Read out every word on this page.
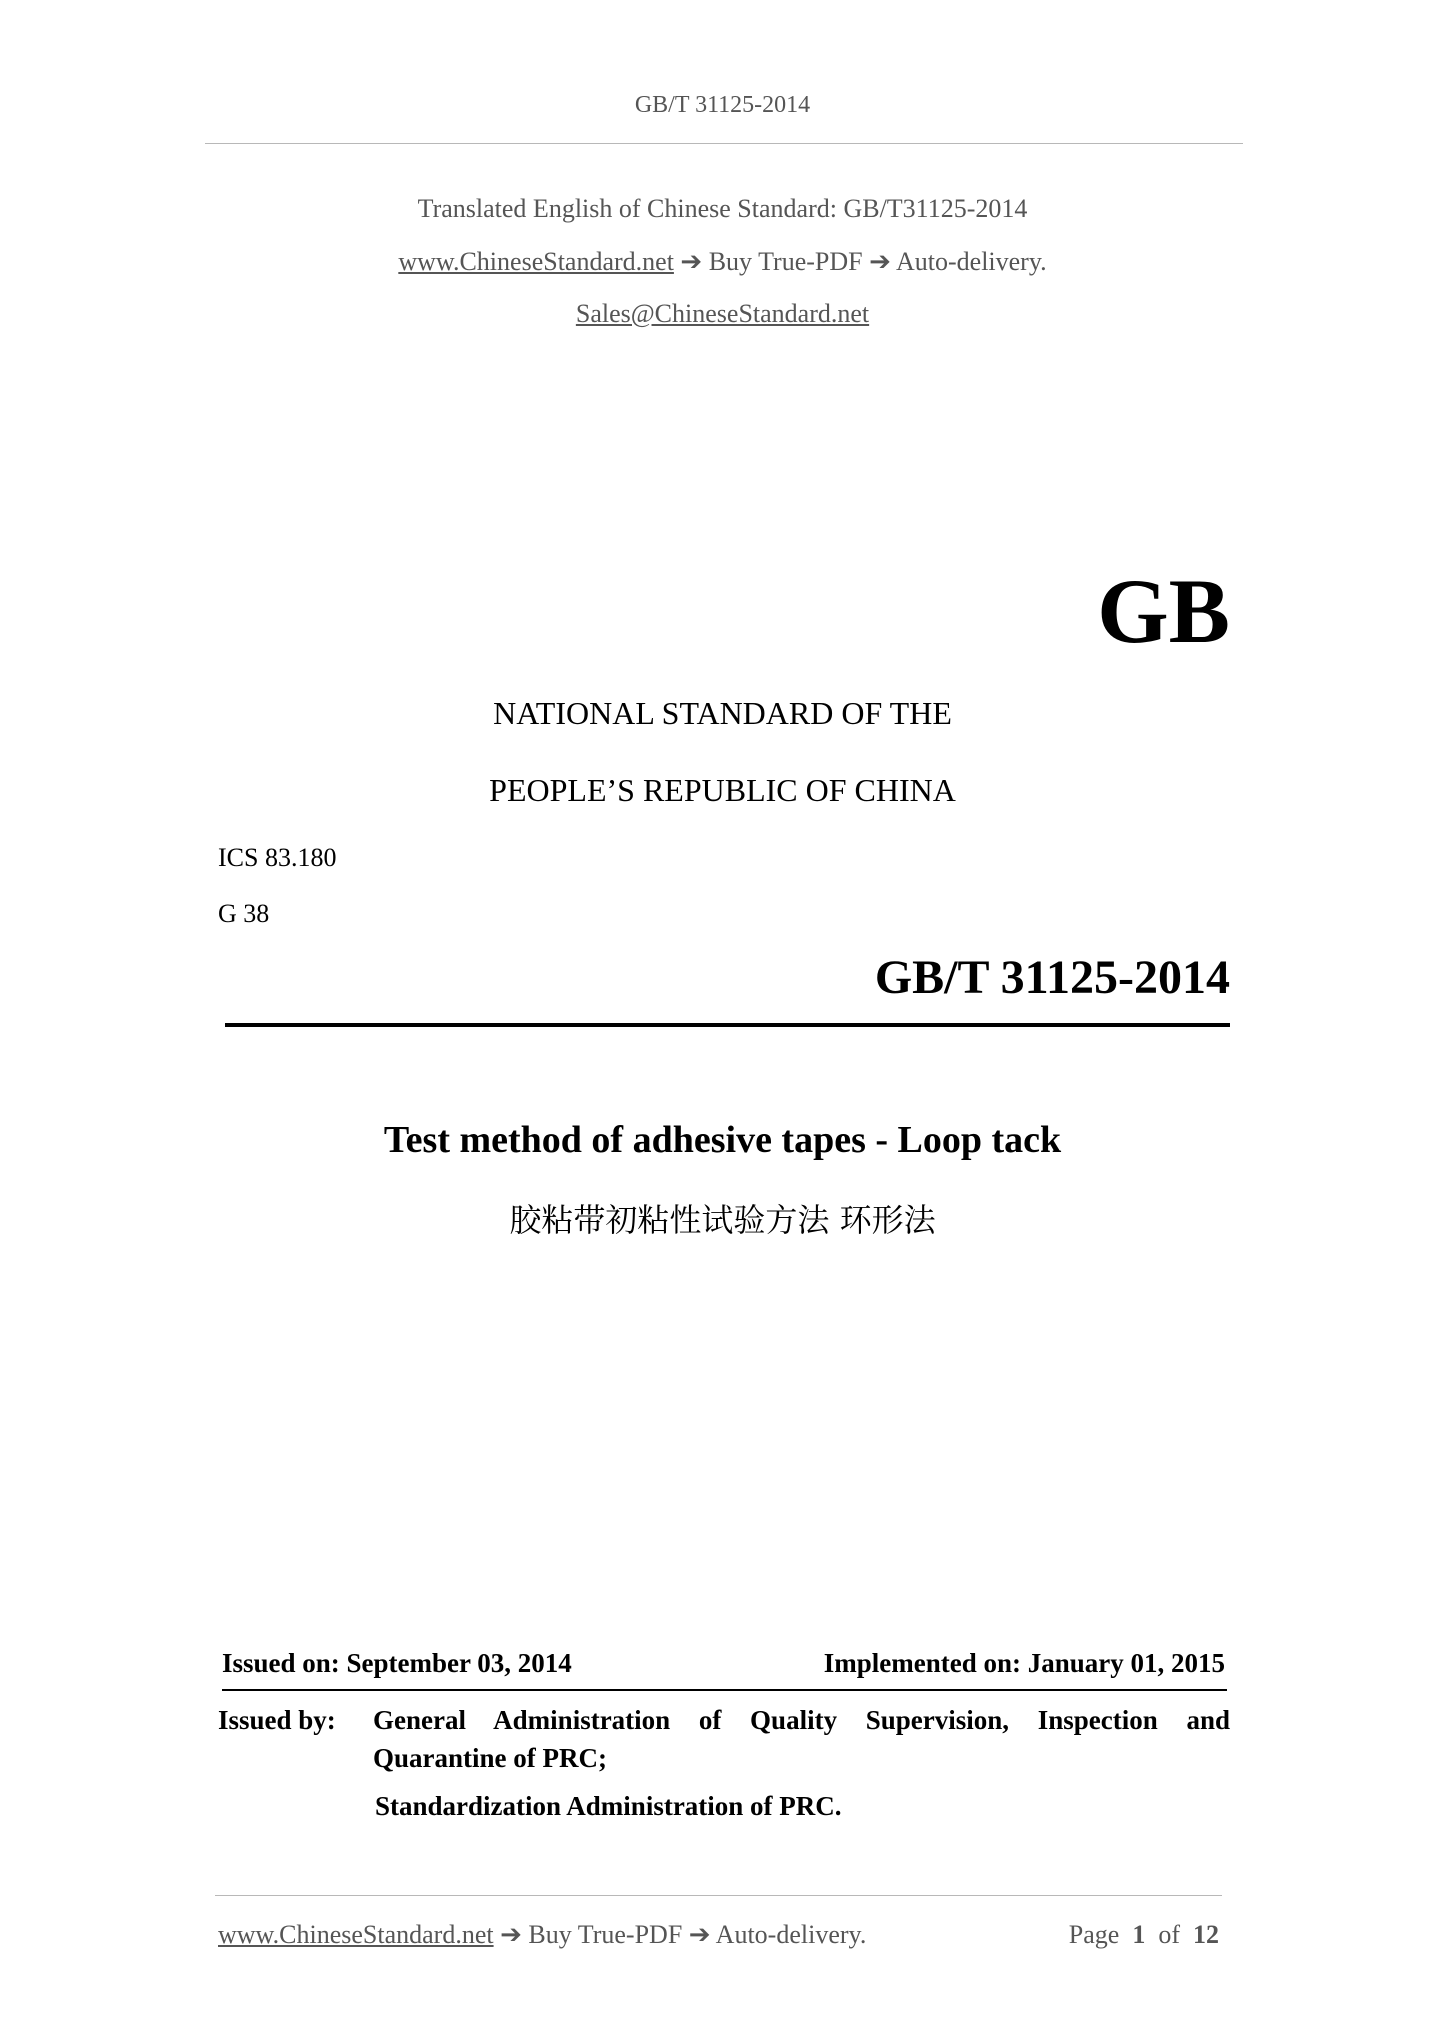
GB/T 31125-2014
Translated English of Chinese Standard: GB/T31125-2014
www.ChineseStandard.net ➔ Buy True-PDF ➔ Auto-delivery.
Sales@ChineseStandard.net
GB
NATIONAL STANDARD OF THE
PEOPLE’S REPUBLIC OF CHINA
ICS 83.180
G 38
GB/T 31125-2014
Test method of adhesive tapes - Loop tack
胶粘带初粘性试验方法 环形法
Issued on: September 03, 2014	Implemented on: January 01, 2015
Issued by: General Administration of Quality Supervision, Inspection and
Quarantine of PRC;
Standardization Administration of PRC.
www.ChineseStandard.net ➔ Buy True-PDF ➔ Auto-delivery.	Page 1 of 12
